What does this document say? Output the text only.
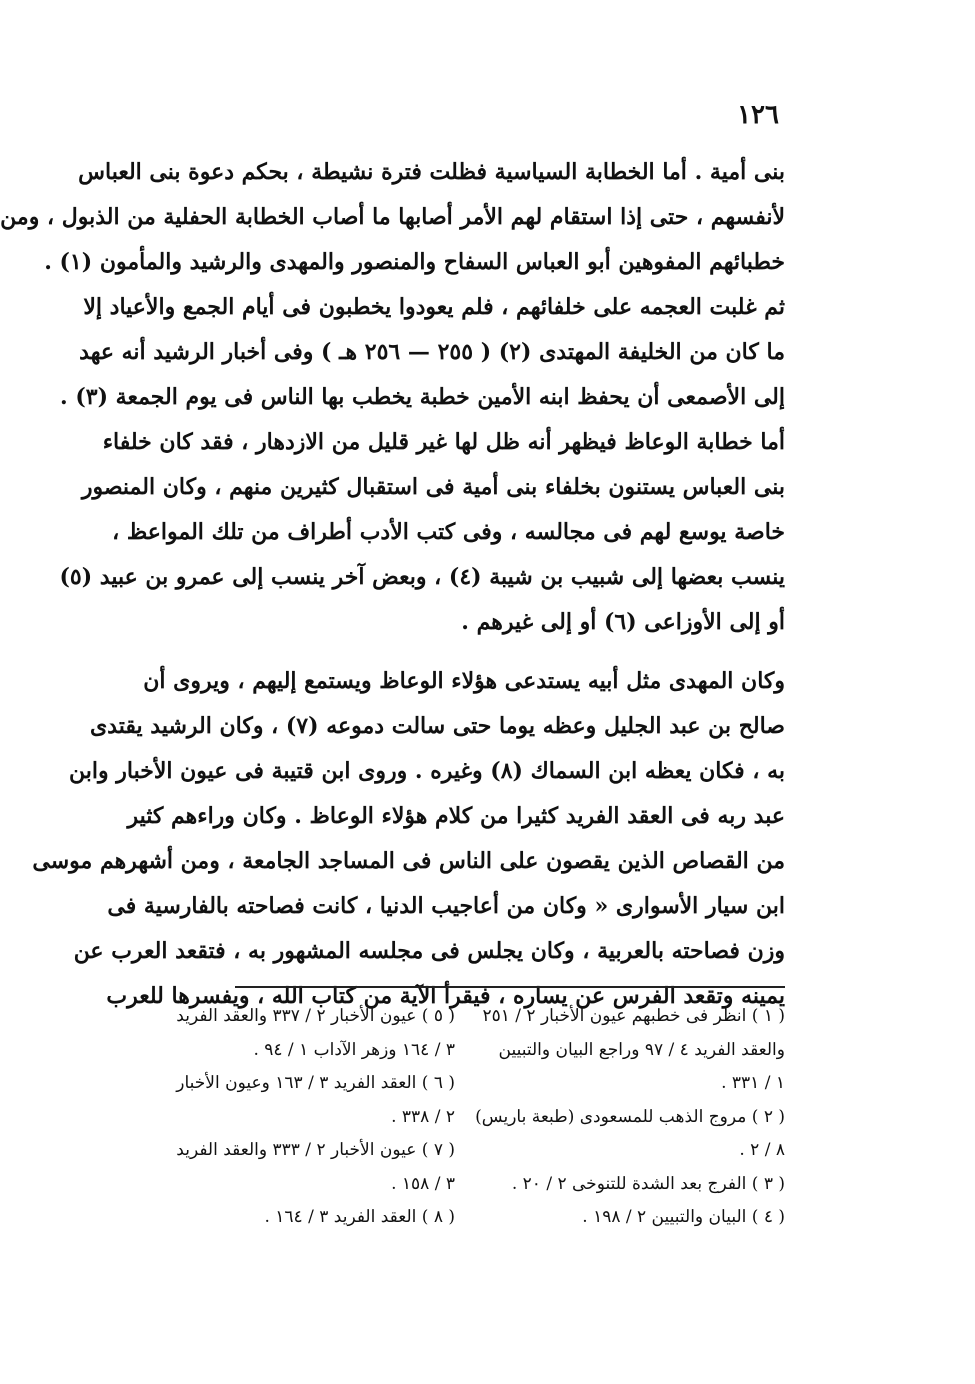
١٢٦

بنى أمية . أما الخطابة السياسية فظلت فترة نشيطة ، بحكم دعوة بنى العباس
لأنفسهم ، حتى إذا استقام لهم الأمر أصابها ما أصاب الخطابة الحفلية من الذبول ، ومن
خطبائهم المفوهين أبو العباس السفاح والمنصور والمهدى والرشيد والمأمون (١) .
ثم غلبت العجمه على خلفائهم ، فلم يعودوا يخطبون فى أيام الجمع والأعياد إلا
ما كان من الخليفة المهتدى (٢) ( ٢٥٥ — ٢٥٦ هـ ) وفى أخبار الرشيد أنه عهد
إلى الأصمعى أن يحفظ ابنه الأمين خطبة يخطب بها الناس فى يوم الجمعة (٣) .
أما خطابة الوعاظ فيظهر أنه ظل لها غير قليل من الازدهار ، فقد كان خلفاء
بنى العباس يستنون بخلفاء بنى أمية فى استقبال كثيرين منهم ، وكان المنصور
خاصة يوسع لهم فى مجالسه ، وفى كتب الأدب أطراف من تلك المواعظ ،
ينسب بعضها إلى شبيب بن شيبة (٤) ، وبعض آخر ينسب إلى عمرو بن عبيد (٥)
أو إلى الأوزاعى (٦) أو إلى غيرهم .
وكان المهدى مثل أبيه يستدعى هؤلاء الوعاظ ويستمع إليهم ، ويروى أن
صالح بن عبد الجليل وعظه يوما حتى سالت دموعه (٧) ، وكان الرشيد يقتدى
به ، فكان يعظه ابن السماك (٨) وغيره . وروى ابن قتيبة فى عيون الأخبار وابن
عبد ربه فى العقد الفريد كثيرا من كلام هؤلاء الوعاظ . وكان وراءهم كثير
من القصاص الذين يقصون على الناس فى المساجد الجامعة ، ومن أشهرهم موسى
ابن سيار الأسوارى « وكان من أعاجيب الدنيا ، كانت فصاحته بالفارسية فى
وزن فصاحته بالعربية ، وكان يجلس فى مجلسه المشهور به ، فتقعد العرب عن
يمينه وتقعد الفرس عن يساره ، فيقرأ الآية من كتاب الله ، ويفسرها للعرب
( ١ ) انظر فى خطبهم عيون الأخبار ٢ / ٢٥١
والعقد الفريد ٤ / ٩٧ وراجع البيان والتبيين
١ / ٣٣١ .
( ٢ ) مروج الذهب للمسعودى (طبعة باريس)
٨ / ٢ .
( ٣ ) الفرج بعد الشدة للتنوخى ٢ / ٢٠ .
( ٤ ) البيان والتبيين ٢ / ١٩٨ .
( ٥ ) عيون الأخبار ٢ / ٣٣٧ والعقد الفريد
٣ / ١٦٤ وزهر الآداب ١ / ٩٤ .
( ٦ ) العقد الفريد ٣ / ١٦٣ وعيون الأخبار
٢ / ٣٣٨ .
( ٧ ) عيون الأخبار ٢ / ٣٣٣ والعقد الفريد
٣ / ١٥٨ .
( ٨ ) العقد الفريد ٣ / ١٦٤ .
